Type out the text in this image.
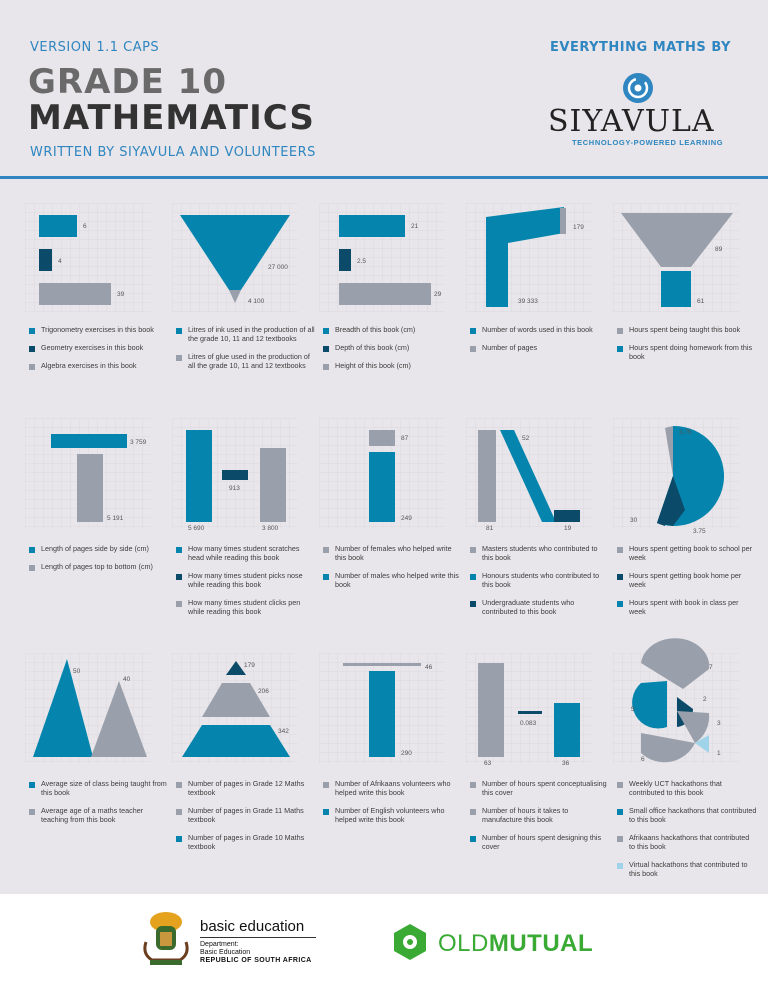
VERSION 1.1 CAPS
GRADE 10
MATHEMATICS
WRITTEN BY SIYAVULA AND VOLUNTEERS
EVERYTHING MATHS BY
SIYAVULA
TECHNOLOGY-POWERED LEARNING
6
4
39
Trigonometry exercises in this book
Geometry exercises in this book
Algebra exercises in this book
27 000
4 100
Litres of ink used in the production of all the grade 10, 11 and 12 textbooks
Litres of glue used in the production of all the grade 10, 11 and 12 textbooks
21
2.5
29
Breadth of this book (cm)
Depth of this book (cm)
Height of this book (cm)
179
39 333
Number of words used in this book
Number of pages
89
61
Hours spent being taught this book
Hours spent doing homework from this book
3 759
5 191
Length of pages side by side (cm)
Length of pages top to bottom (cm)
913
5 690	3 800
How many times student scratches head while reading this book
How many times student picks nose while reading this book
How many times student clicks pen while reading this book
87
249
Number of females who helped write this book
Number of males who helped write this book
52
81	19
Masters students who contributed to this book
Honours students who contributed to this book
Undergraduate students who contributed to this book
3.75
30
3.75
Hours spent getting book to school per week
Hours spent getting book home per week
Hours spent with book in class per week
50
40
Average size of class being taught from this book
Average age of a maths teacher teaching from this book
179
206
342
Number of pages in Grade 12 Maths textbook
Number of pages in Grade 11 Maths textbook
Number of pages in Grade 10 Maths textbook
46
290
Number of Afrikaans volunteers who helped write this book
Number of English volunteers who helped write this book
0.083
63	36
Number of hours spent conceptualising this cover
Number of hours it takes to manufacture this book
Number of hours spent designing this cover
7
2
5
3
6
1
Weekly UCT hackathons that contributed to this book
Small office hackathons that contributed to this book
Afrikaans hackathons that contributed to this book
Virtual hackathons that contributed to this book
basic education
Department:
Basic Education
REPUBLIC OF SOUTH AFRICA
OLDMUTUAL
